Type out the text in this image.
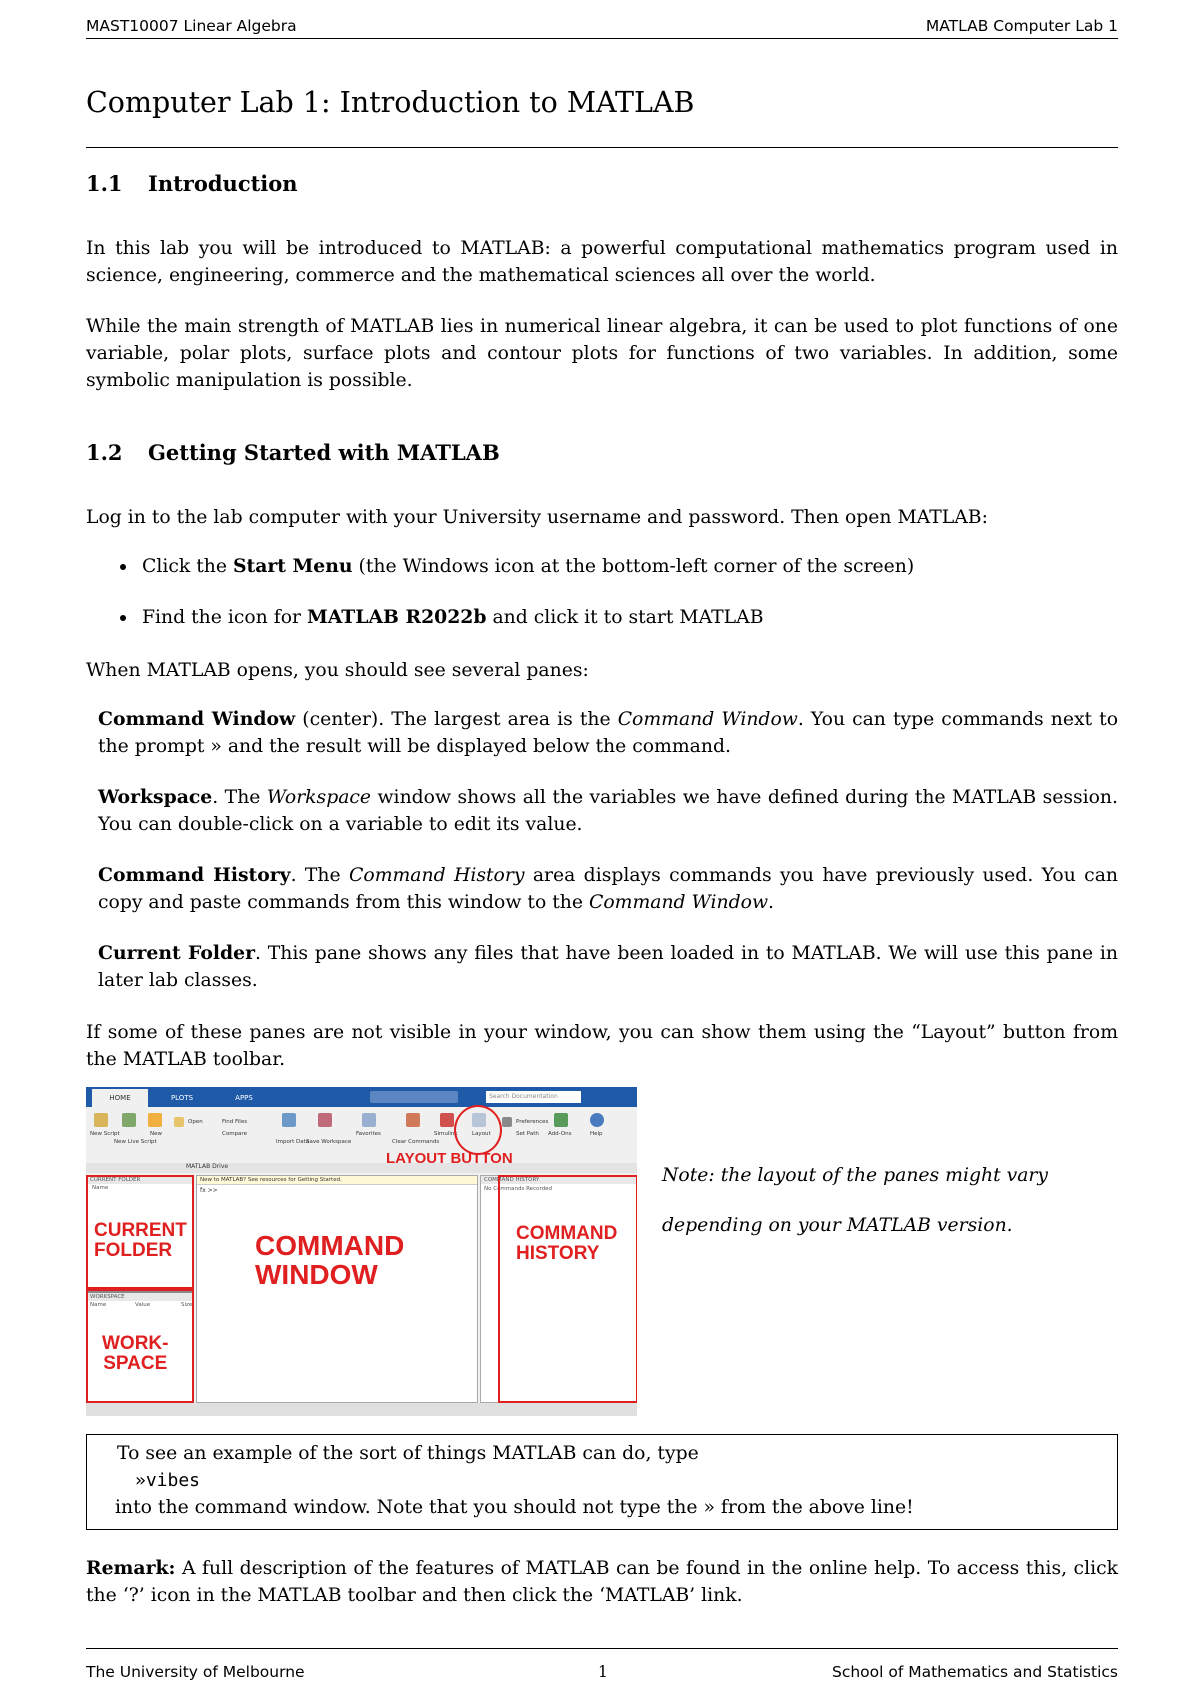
MAST10007 Linear Algebra	MATLAB Computer Lab 1
Computer Lab 1: Introduction to MATLAB
1.1 Introduction
In this lab you will be introduced to MATLAB: a powerful computational mathematics program used in science, engineering, commerce and the mathematical sciences all over the world.
While the main strength of MATLAB lies in numerical linear algebra, it can be used to plot functions of one variable, polar plots, surface plots and contour plots for functions of two variables. In addition, some symbolic manipulation is possible.
1.2 Getting Started with MATLAB
Log in to the lab computer with your University username and password. Then open MATLAB:
Click the Start Menu (the Windows icon at the bottom-left corner of the screen)
Find the icon for MATLAB R2022b and click it to start MATLAB
When MATLAB opens, you should see several panes:
Command Window (center). The largest area is the Command Window. You can type commands next to the prompt » and the result will be displayed below the command.
Workspace. The Workspace window shows all the variables we have defined during the MATLAB session. You can double-click on a variable to edit its value.
Command History. The Command History area displays commands you have previously used. You can copy and paste commands from this window to the Command Window.
Current Folder. This pane shows any files that have been loaded in to MATLAB. We will use this pane in later lab classes.
If some of these panes are not visible in your window, you can show them using the “Layout” button from the MATLAB toolbar.
HOME	PLOTS	APPS	Search Documentation
New Script
New Live Script
New
Open	Find Files
Compare
Import Data
Save Workspace
Favorites
Clear Commands
Simulink	Layout
Preferences
Set Path Add-Ons	Help
MATLAB Drive	LAYOUT BUTTON
CURRENT FOLDER
Name
WORKSPACE
Name	Value	Size
New to MATLAB? See resources for Getting Started.
fx >>
COMMAND HISTORY
No Commands Recorded
CURRENT
FOLDER
WORK-
SPACE
COMMAND
WINDOW
COMMAND
HISTORY
Note: the layout of the panes might vary
depending on your MATLAB version.
To see an example of the sort of things MATLAB can do, type
»vibes
into the command window. Note that you should not type the » from the above line!
Remark: A full description of the features of MATLAB can be found in the online help. To access this, click the ‘?’ icon in the MATLAB toolbar and then click the ‘MATLAB’ link.
The University of Melbourne	1	School of Mathematics and Statistics
